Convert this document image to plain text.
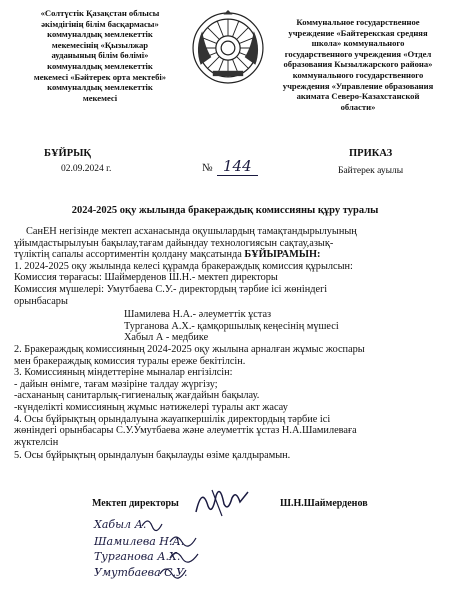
«Солтүстік Қазақстан облысы
әкімдігінің білім басқармасы»
коммуналдық мемлекеттік
мекемесінің «Қызылжар
ауданының білім бөлімі»
коммуналдық мемлекеттік
мекемесі «Бәйтерек орта мектебі»
коммуналдық мемлекеттік
мекемесі
Коммунальное государственное
учреждение «Байтерекская средняя
школа» коммунального
государственного учреждения «Отдел
образования Кызылжарского района»
коммунального государственного
учреждения «Управление образования
акимата Северо-Казахстанской
области»
БҰЙРЫҚ	ПРИКАЗ
02.09.2024 г.	№ 144	Байтерек ауылы
2024-2025 оқу жылында бракераждық комиссияны құру туралы
СанЕН негізінде мектеп асханасында оқушылардың тамақтандырылуының
ұйымдастырылуын бақылау,тағам дайындау технологиясын сақтау,азық-
түліктің сапалы ассортиментін қолдану мақсатында БҰЙЫРАМЫН:
1. 2024-2025 оқу жылында келесі құрамда бракераждық комиссия құрылсын:
Комиссия төрағасы: Шаймерденов Ш.Н.- мектеп директоры
Комиссия мүшелері: Умутбаева С.У.- директордың тәрбие ісі жөніндегі
орынбасары
Шамилева Н.А.- әлеуметтік ұстаз
Турганова А.Х.- қамқоршылық кеңесінің мүшесі
Хабыл А - медбике
2. Бракераждық комиссияның 2024-2025 оқу жылына арналған жұмыс жоспары
мен бракераждық комиссия туралы ереже бекітілсін.
3. Комиссияның міндеттеріне мыналар енгізілсін:
- дайын өнімге, тағам мәзіріне талдау жүргізу;
-асхананың санитарлық-гигиеналық жағдайын бақылау.
-күнделікті комиссияның жұмыс нәтижелері туралы акт жасау
4. Осы бұйрықтың орындалуына жауапкершілік директордың тәрбие ісі
жөніндегі орынбасары С.У.Умутбаева және әлеуметтік ұстаз Н.А.Шамилеваға
жүктелсін
5. Осы бұйрықтың орындалуын бақылауды өзіме қалдырамын.
Мектеп директоры	Ш.Н.Шаймерденов
Хабыл А.
Шамилева Н.А.
Турганова А.Х.
Умутбаева С.У.
